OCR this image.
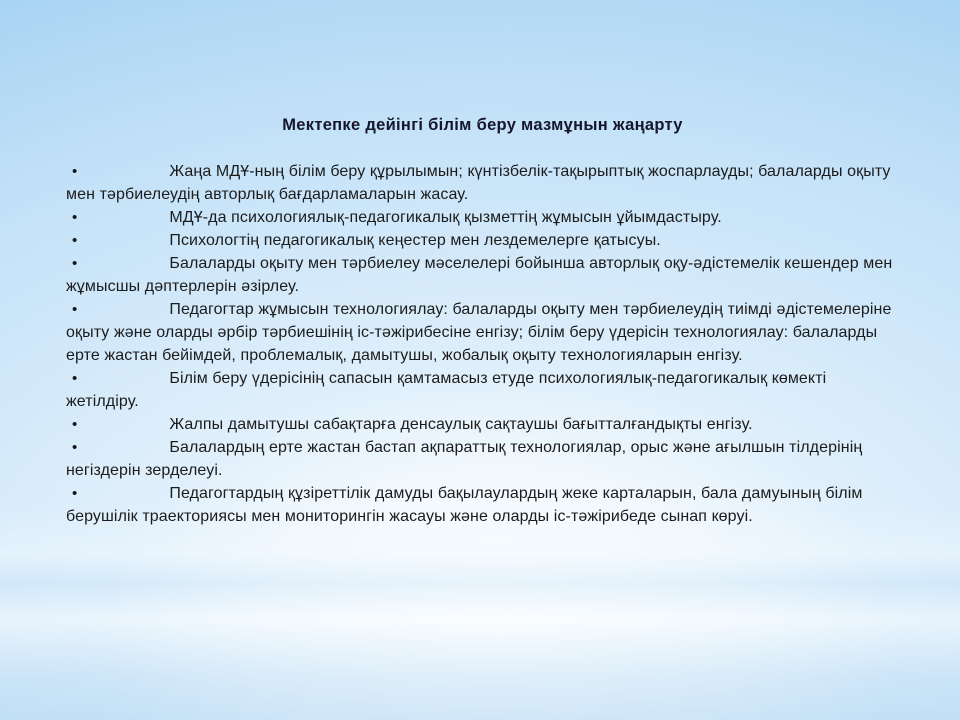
Мектепке дейінгі білім беру мазмұнын жаңарту
•	Жаңа МДҰ-ның білім беру құрылымын; күнтізбелік-тақырыптық жоспарлауды; балаларды оқыту мен тәрбиелеудің авторлық бағдарламаларын жасау.
•	МДҰ-да психологиялық-педагогикалық қызметтің жұмысын ұйымдастыру.
•	Психологтің педагогикалық кеңестер мен лездемелерге қатысуы.
•	Балаларды оқыту мен тәрбиелеу мәселелері бойынша авторлық оқу-әдістемелік кешендер мен жұмысшы дәптерлерін әзірлеу.
•	Педагогтар жұмысын технологиялау: балаларды оқыту мен тәрбиелеудің тиімді әдістемелеріне оқыту және оларды әрбір тәрбиешінің іс-тәжірибесіне енгізу; білім беру үдерісін технологиялау: балаларды ерте жастан бейімдей, проблемалық, дамытушы, жобалық оқыту технологияларын енгізу.
•	Білім беру үдерісінің сапасын қамтамасыз етуде психологиялық-педагогикалық көмекті жетілдіру.
•	Жалпы дамытушы сабақтарға денсаулық сақтаушы бағытталғандықты енгізу.
•	Балалардың ерте жастан бастап ақпараттық технологиялар, орыс және ағылшын тілдерінің негіздерін зерделеуі.
•	Педагогтардың құзіреттілік дамуды бақылаулардың жеке карталарын, бала дамуының білім берушілік траекториясы мен мониторингін жасауы және оларды іс-тәжірибеде сынап көруі.
